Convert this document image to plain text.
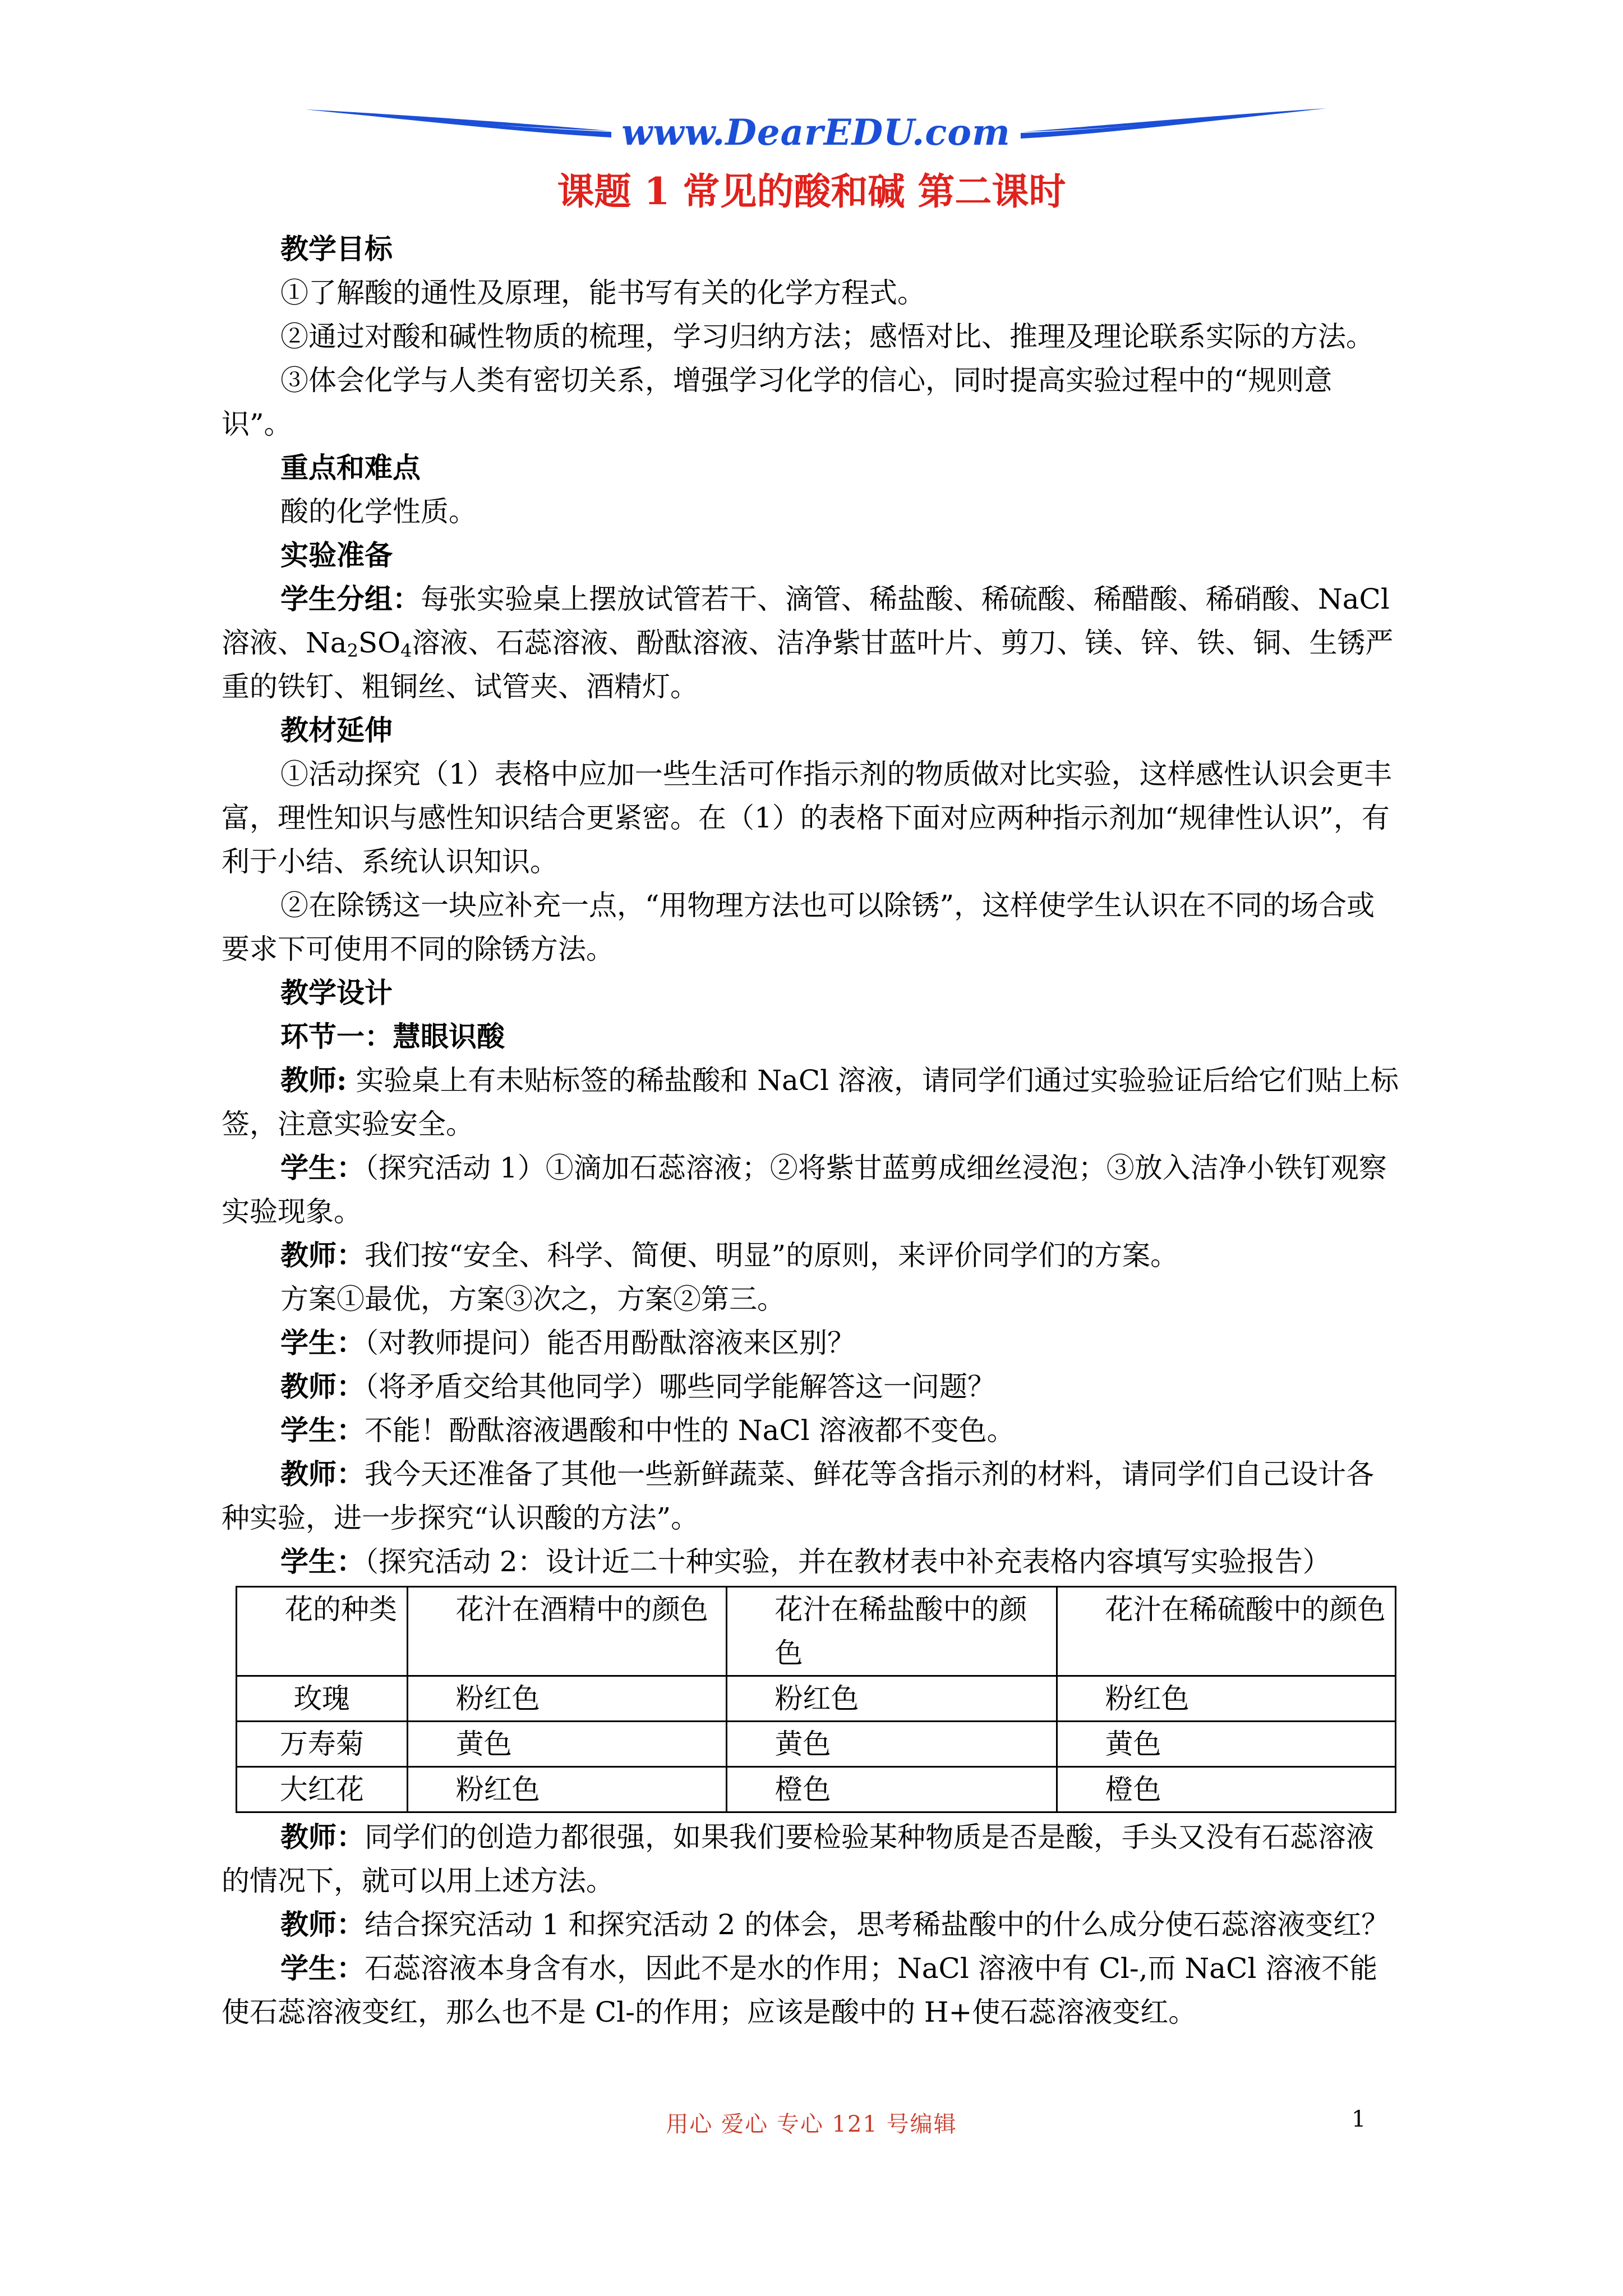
www.DearEDU.com
课题 1 常见的酸和碱 第二课时

教学目标

①了解酸的通性及原理，能书写有关的化学方程式。

②通过对酸和碱性物质的梳理，学习归纳方法；感悟对比、推理及理论联系实际的方法。

③体会化学与人类有密切关系，增强学习化学的信心，同时提高实验过程中的“规则意识”。

重点和难点

酸的化学性质。

实验准备

学生分组：每张实验桌上摆放试管若干、滴管、稀盐酸、稀硫酸、稀醋酸、稀硝酸、NaCl 溶液、$Na_2SO_4$溶液、石蕊溶液、酚酞溶液、洁净紫甘蓝叶片、剪刀、镁、锌、铁、铜、生锈严重的铁钉、粗铜丝、试管夹、酒精灯。

教材延伸

①活动探究（1）表格中应加一些生活可作指示剂的物质做对比实验，这样感性认识会更丰富，理性知识与感性知识结合更紧密。在（1）的表格下面对应两种指示剂加“规律性认识”，有利于小结、系统认识知识。

②在除锈这一块应补充一点，“用物理方法也可以除锈”，这样使学生认识在不同的场合或要求下可使用不同的除锈方法。

教学设计

环节一：慧眼识酸

教师: 实验桌上有未贴标签的稀盐酸和 NaCl 溶液，请同学们通过实验验证后给它们贴上标签，注意实验安全。

学生：（探究活动 1）①滴加石蕊溶液；②将紫甘蓝剪成细丝浸泡；③放入洁净小铁钉观察实验现象。

教师：我们按“安全、科学、简便、明显”的原则，来评价同学们的方案。

方案①最优，方案③次之，方案②第三。

学生：（对教师提问）能否用酚酞溶液来区别？

教师：（将矛盾交给其他同学）哪些同学能解答这一问题？

学生：不能！酚酞溶液遇酸和中性的 NaCl 溶液都不变色。

教师：我今天还准备了其他一些新鲜蔬菜、鲜花等含指示剂的材料，请同学们自己设计各种实验，进一步探究“认识酸的方法”。

学生：（探究活动 2：设计近二十种实验，并在教材表中补充表格内容填写实验报告）

花的种类	花汁在酒精中的颜色	花汁在稀盐酸中的颜色	花汁在稀硫酸中的颜色
玫瑰	粉红色	粉红色	粉红色
万寿菊	黄色	黄色	黄色
大红花	粉红色	橙色	橙色

教师：同学们的创造力都很强，如果我们要检验某种物质是否是酸，手头又没有石蕊溶液的情况下，就可以用上述方法。

教师：结合探究活动 1 和探究活动 2 的体会，思考稀盐酸中的什么成分使石蕊溶液变红？

学生：石蕊溶液本身含有水，因此不是水的作用；NaCl 溶液中有 Cl-,而 NaCl 溶液不能使石蕊溶液变红，那么也不是 Cl-的作用；应该是酸中的 H+使石蕊溶液变红。

用心 爱心 专心 121 号编辑	1
